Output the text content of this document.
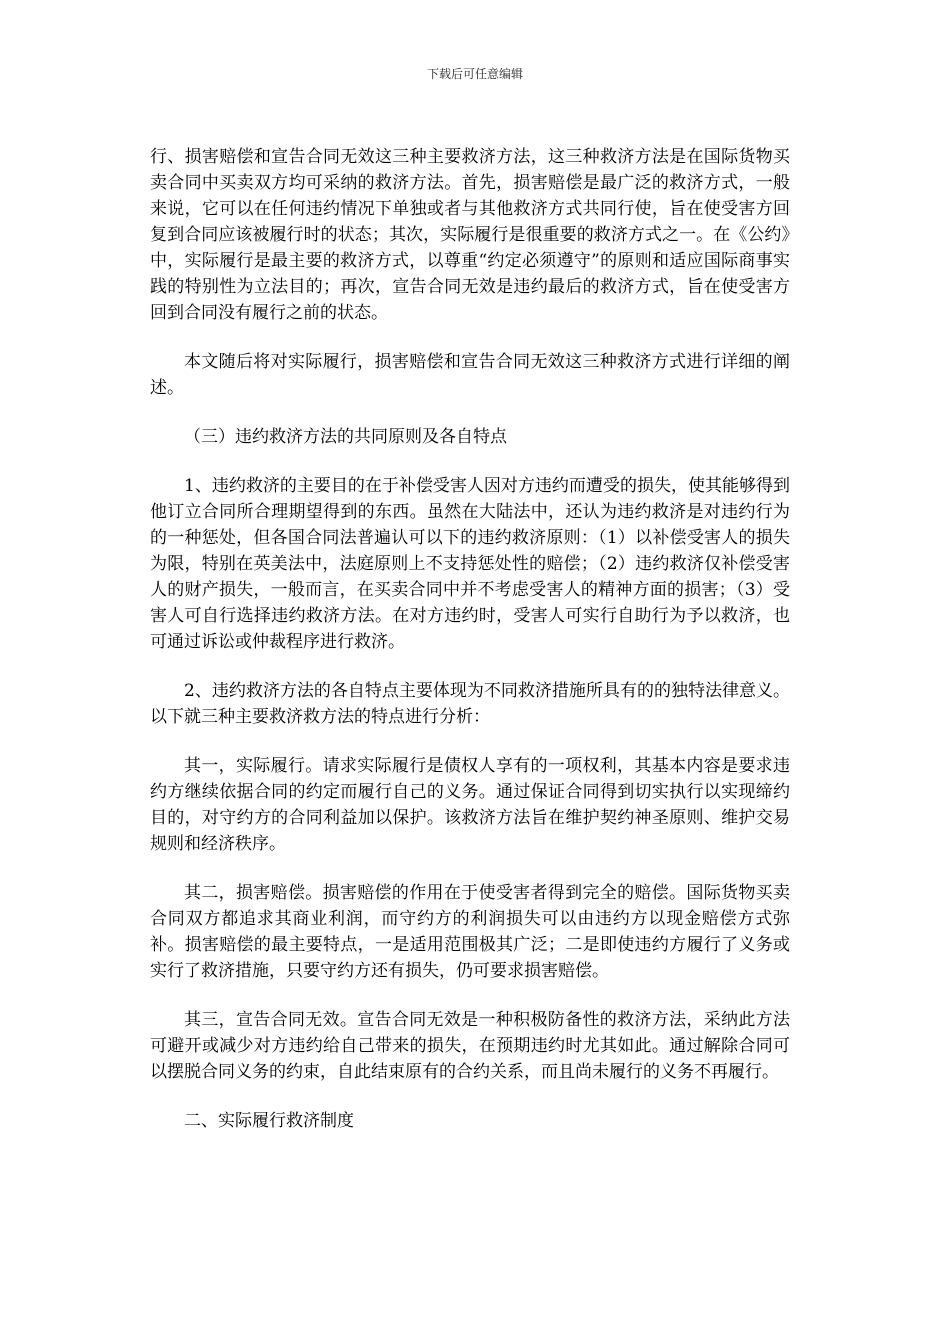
下载后可任意编辑

行、损害赔偿和宣告合同无效这三种主要救济方法，这三种救济方法是在国际货物买卖合同中买卖双方均可采纳的救济方法。首先，损害赔偿是最广泛的救济方式，一般来说，它可以在任何违约情况下单独或者与其他救济方式共同行使，旨在使受害方回复到合同应该被履行时的状态；其次，实际履行是很重要的救济方式之一。在《公约》中，实际履行是最主要的救济方式，以尊重“约定必须遵守”的原则和适应国际商事实践的特别性为立法目的；再次，宣告合同无效是违约最后的救济方式，旨在使受害方回到合同没有履行之前的状态。

本文随后将对实际履行，损害赔偿和宣告合同无效这三种救济方式进行详细的阐述。

（三）违约救济方法的共同原则及各自特点

1、违约救济的主要目的在于补偿受害人因对方违约而遭受的损失，使其能够得到他订立合同所合理期望得到的东西。虽然在大陆法中，还认为违约救济是对违约行为的一种惩处，但各国合同法普遍认可以下的违约救济原则：（1）以补偿受害人的损失为限，特别在英美法中，法庭原则上不支持惩处性的赔偿；（2）违约救济仅补偿受害人的财产损失，一般而言，在买卖合同中并不考虑受害人的精神方面的损害；（3）受害人可自行选择违约救济方法。在对方违约时，受害人可实行自助行为予以救济，也可通过诉讼或仲裁程序进行救济。

2、违约救济方法的各自特点主要体现为不同救济措施所具有的的独特法律意义。以下就三种主要救济救方法的特点进行分析：

其一，实际履行。请求实际履行是债权人享有的一项权利，其基本内容是要求违约方继续依据合同的约定而履行自己的义务。通过保证合同得到切实执行以实现缔约目的，对守约方的合同利益加以保护。该救济方法旨在维护契约神圣原则、维护交易规则和经济秩序。

其二，损害赔偿。损害赔偿的作用在于使受害者得到完全的赔偿。国际货物买卖合同双方都追求其商业利润，而守约方的利润损失可以由违约方以现金赔偿方式弥补。损害赔偿的最主要特点，一是适用范围极其广泛；二是即使违约方履行了义务或实行了救济措施，只要守约方还有损失，仍可要求损害赔偿。

其三，宣告合同无效。宣告合同无效是一种积极防备性的救济方法，采纳此方法可避开或减少对方违约给自己带来的损失，在预期违约时尤其如此。通过解除合同可以摆脱合同义务的约束，自此结束原有的合约关系，而且尚未履行的义务不再履行。

二、实际履行救济制度
